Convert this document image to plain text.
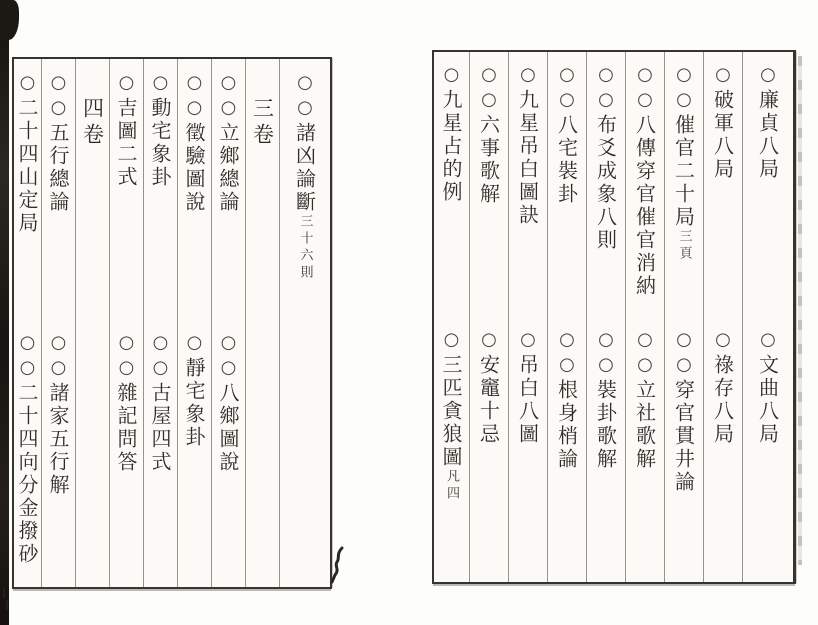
○○諸凶論斷三十六則
三卷
○○立鄉總論
○○八鄉圖說
○○徵驗圖說
○靜宅象卦
○動宅象卦
○○古屋四式
○吉圖二式
○○雜記問答
四卷
○○五行總論
○○諸家五行解
○二十四山定局
○○二十四向分金撥砂
○廉貞八局
○文曲八局
○破軍八局
○祿存八局
○○催官二十局三頁
○○穿官貫井論
○○八傳穿官催官消納
○○立社歌解
○○布爻成象八則
○○裝卦歌解
○○八宅裝卦
○○根身梢論
○九星吊白圖訣
○吊白八圖
○○六事歌解
○安竈十忌
○九星占的例
○三匹貪狼圖凡四
